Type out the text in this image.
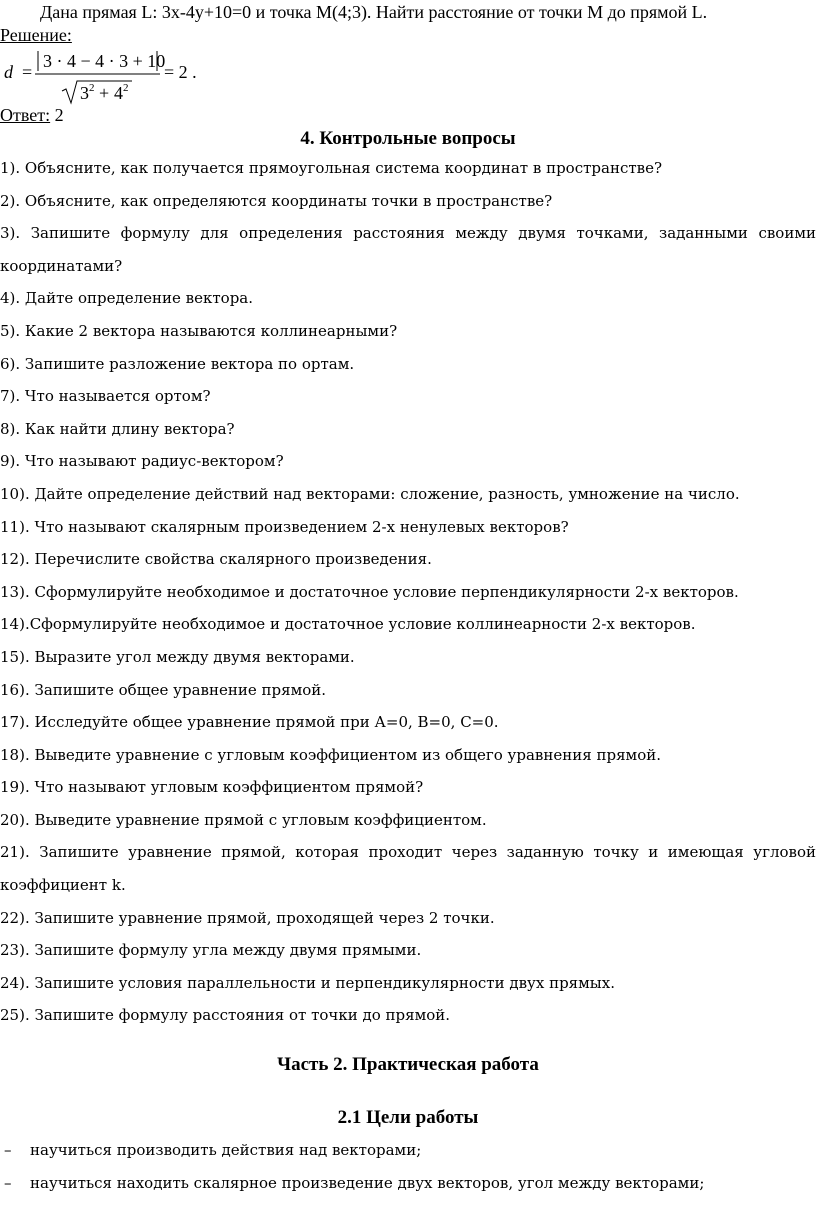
Дана прямая L: 3x-4y+10=0 и точка M(4;3). Найти расстояние от точки M до прямой L.
Решение:
d =
3 · 4 − 4 · 3 + 10
3 2 + 4 2
= 2 .
Ответ: 2
4. Контрольные вопросы
1). Объясните, как получается прямоугольная система координат в пространстве?
2). Объясните, как определяются координаты точки в пространстве?
3). Запишите формулу для определения расстояния между двумя точками, заданными своими координатами?
4). Дайте определение вектора.
5). Какие 2 вектора называются коллинеарными?
6). Запишите разложение вектора по ортам.
7). Что называется ортом?
8). Как найти длину вектора?
9). Что называют радиус-вектором?
10). Дайте определение действий над векторами: сложение, разность, умножение на число.
11). Что называют скалярным произведением 2-х ненулевых векторов?
12). Перечислите свойства скалярного произведения.
13). Сформулируйте необходимое и достаточное условие перпендикулярности 2-х векторов.
14).Сформулируйте необходимое и достаточное условие коллинеарности 2-х векторов.
15). Выразите угол между двумя векторами.
16). Запишите общее уравнение прямой.
17). Исследуйте общее уравнение прямой при А=0, В=0, С=0.
18). Выведите уравнение с угловым коэффициентом из общего уравнения прямой.
19). Что называют угловым коэффициентом прямой?
20). Выведите уравнение прямой с угловым коэффициентом.
21). Запишите уравнение прямой, которая проходит через заданную точку и имеющая угловой коэффициент k.
22). Запишите уравнение прямой, проходящей через 2 точки.
23). Запишите формулу угла между двумя прямыми.
24). Запишите условия параллельности и перпендикулярности двух прямых.
25). Запишите формулу расстояния от точки до прямой.
Часть 2. Практическая работа
2.1 Цели работы
– научиться производить действия над векторами;
– научиться находить скалярное произведение двух векторов, угол между векторами;
